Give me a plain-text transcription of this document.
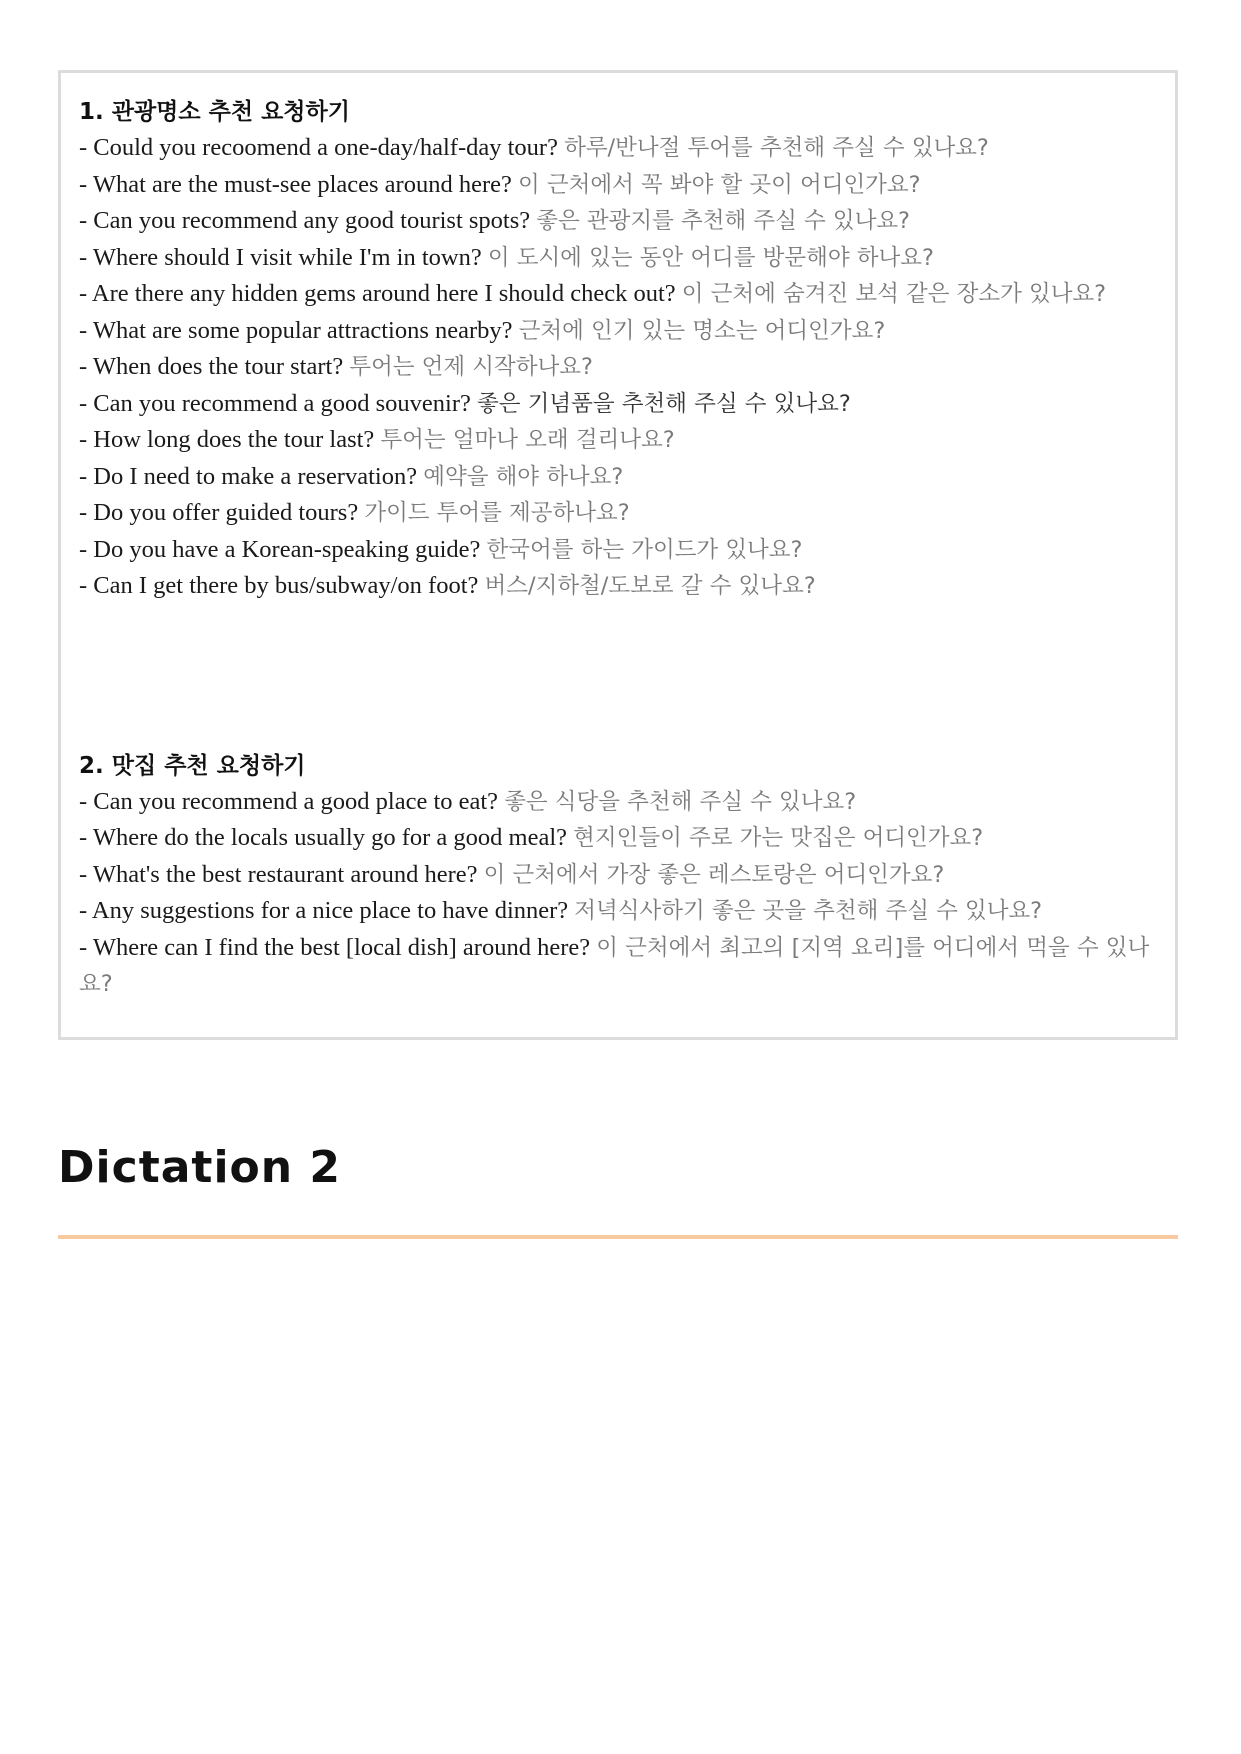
1. 관광명소 추천 요청하기
- Could you recoomend a one-day/half-day tour? 하루/반나절 투어를 추천해 주실 수 있나요?
- What are the must-see places around here? 이 근처에서 꼭 봐야 할 곳이 어디인가요?
- Can you recommend any good tourist spots? 좋은 관광지를 추천해 주실 수 있나요?
- Where should I visit while I'm in town? 이 도시에 있는 동안 어디를 방문해야 하나요?
- Are there any hidden gems around here I should check out? 이 근처에 숨겨진 보석 같은 장소가 있나요?
- What are some popular attractions nearby? 근처에 인기 있는 명소는 어디인가요?
- When does the tour start? 투어는 언제 시작하나요?
- Can you recommend a good souvenir? 좋은 기념품을 추천해 주실 수 있나요?
- How long does the tour last? 투어는 얼마나 오래 걸리나요?
- Do I need to make a reservation? 예약을 해야 하나요?
- Do you offer guided tours? 가이드 투어를 제공하나요?
- Do you have a Korean-speaking guide? 한국어를 하는 가이드가 있나요?
- Can I get there by bus/subway/on foot? 버스/지하철/도보로 갈 수 있나요?
2. 맛집 추천 요청하기
- Can you recommend a good place to eat? 좋은 식당을 추천해 주실 수 있나요?
- Where do the locals usually go for a good meal? 현지인들이 주로 가는 맛집은 어디인가요?
- What's the best restaurant around here? 이 근처에서 가장 좋은 레스토랑은 어디인가요?
- Any suggestions for a nice place to have dinner? 저녁식사하기 좋은 곳을 추천해 주실 수 있나요?
- Where can I find the best [local dish] around here? 이 근처에서 최고의 [지역 요리]를 어디에서 먹을 수 있나요?
Dictation 2
